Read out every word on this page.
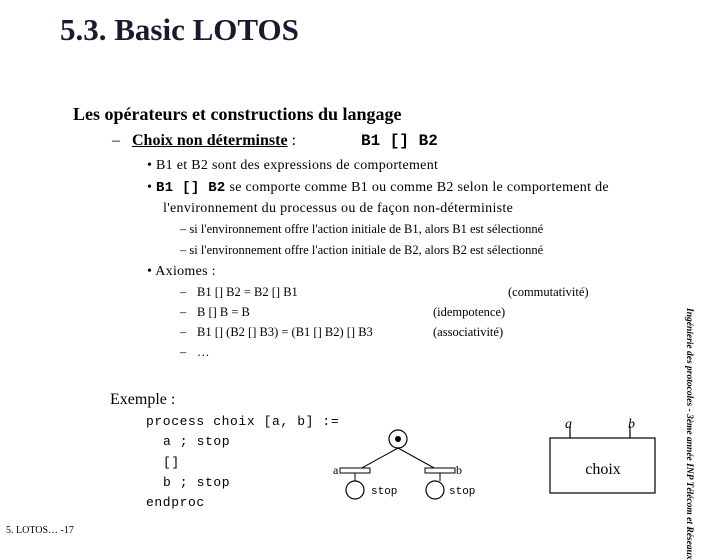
5.3. Basic LOTOS
Les opérateurs et constructions du langage
– Choix non déterminste :	B1 [] B2
• B1 et B2 sont des expressions de comportement
• B1 [] B2 se comporte comme B1 ou comme B2 selon le comportement de
l'environnement du processus ou de façon non-déterministe
– si l'environnement offre l'action initiale de B1, alors B1 est sélectionné
– si l'environnement offre l'action initiale de B2, alors B2 est sélectionné
• Axiomes :
– B1 [] B2 = B2 [] B1	(commutativité)
– B [] B = B	(idempotence)
– B1 [] (B2 [] B3) = (B1 [] B2) [] B3	(associativité)
– …
Exemple :
process choix [a, b] :=
a ; stop
[]
b ; stop
endproc
a	b
stop	stop
a	b
choix	Ingénierie des protocoles - 3ème année INP Télécom et Réseaux
5. LOTOS… -17
